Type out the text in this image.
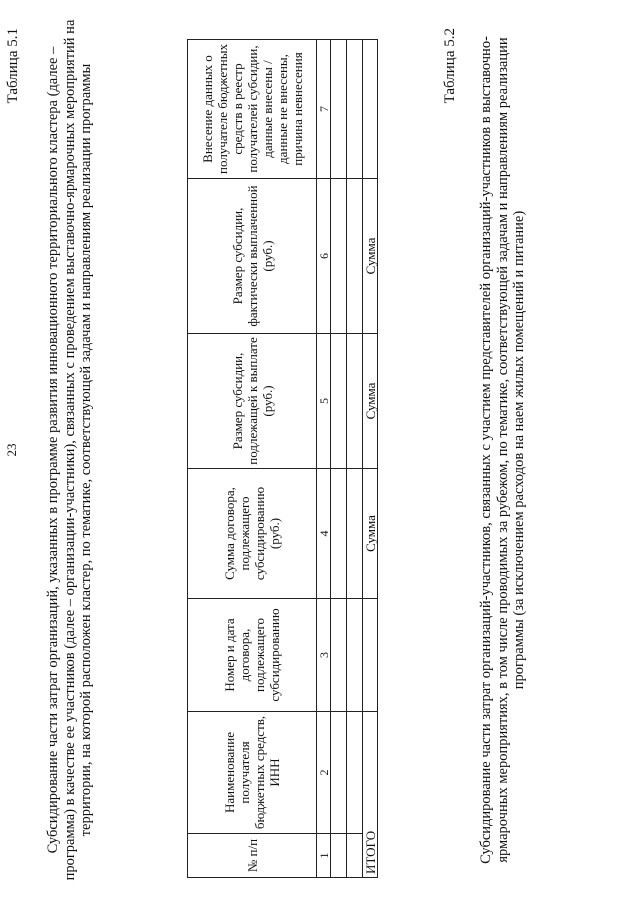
23
Таблица 5.1 Субсидирование части затрат организаций, указанных в программе развития инновационного территориального кластера (далее – программа) в качестве ее участников (далее – организации-участники), связанных с проведением выставочно-ярмарочных мероприятий на территории, на которой расположен кластер, по тематике, соответствующей задачам и направлениям реализации программы
№ п/п	Наименование получателя бюджетных средств, ИНН	Номер и дата договора, подлежащего субсидированию	Сумма договора, подлежащего субсидированию (руб.)	Размер субсидии, подлежащей к выплате (руб.)	Размер субсидии, фактически выплаченной (руб.)	Внесение данных о получателе бюджетных средств в реестр получателей субсидии, данные внесены / данные не внесены, причина невнесения
1	2	3	4	5	6	7

ИТОГО			Сумма	Сумма	Сумма	
Таблица 5.2 Субсидирование части затрат организаций-участников, связанных с участием представителей организаций-участников в выставочно-ярмарочных мероприятиях, в том числе проводимых за рубежом, по тематике, соответствующей задачам и направлениям реализации программы (за исключением расходов на наем жилых помещений и питание)
